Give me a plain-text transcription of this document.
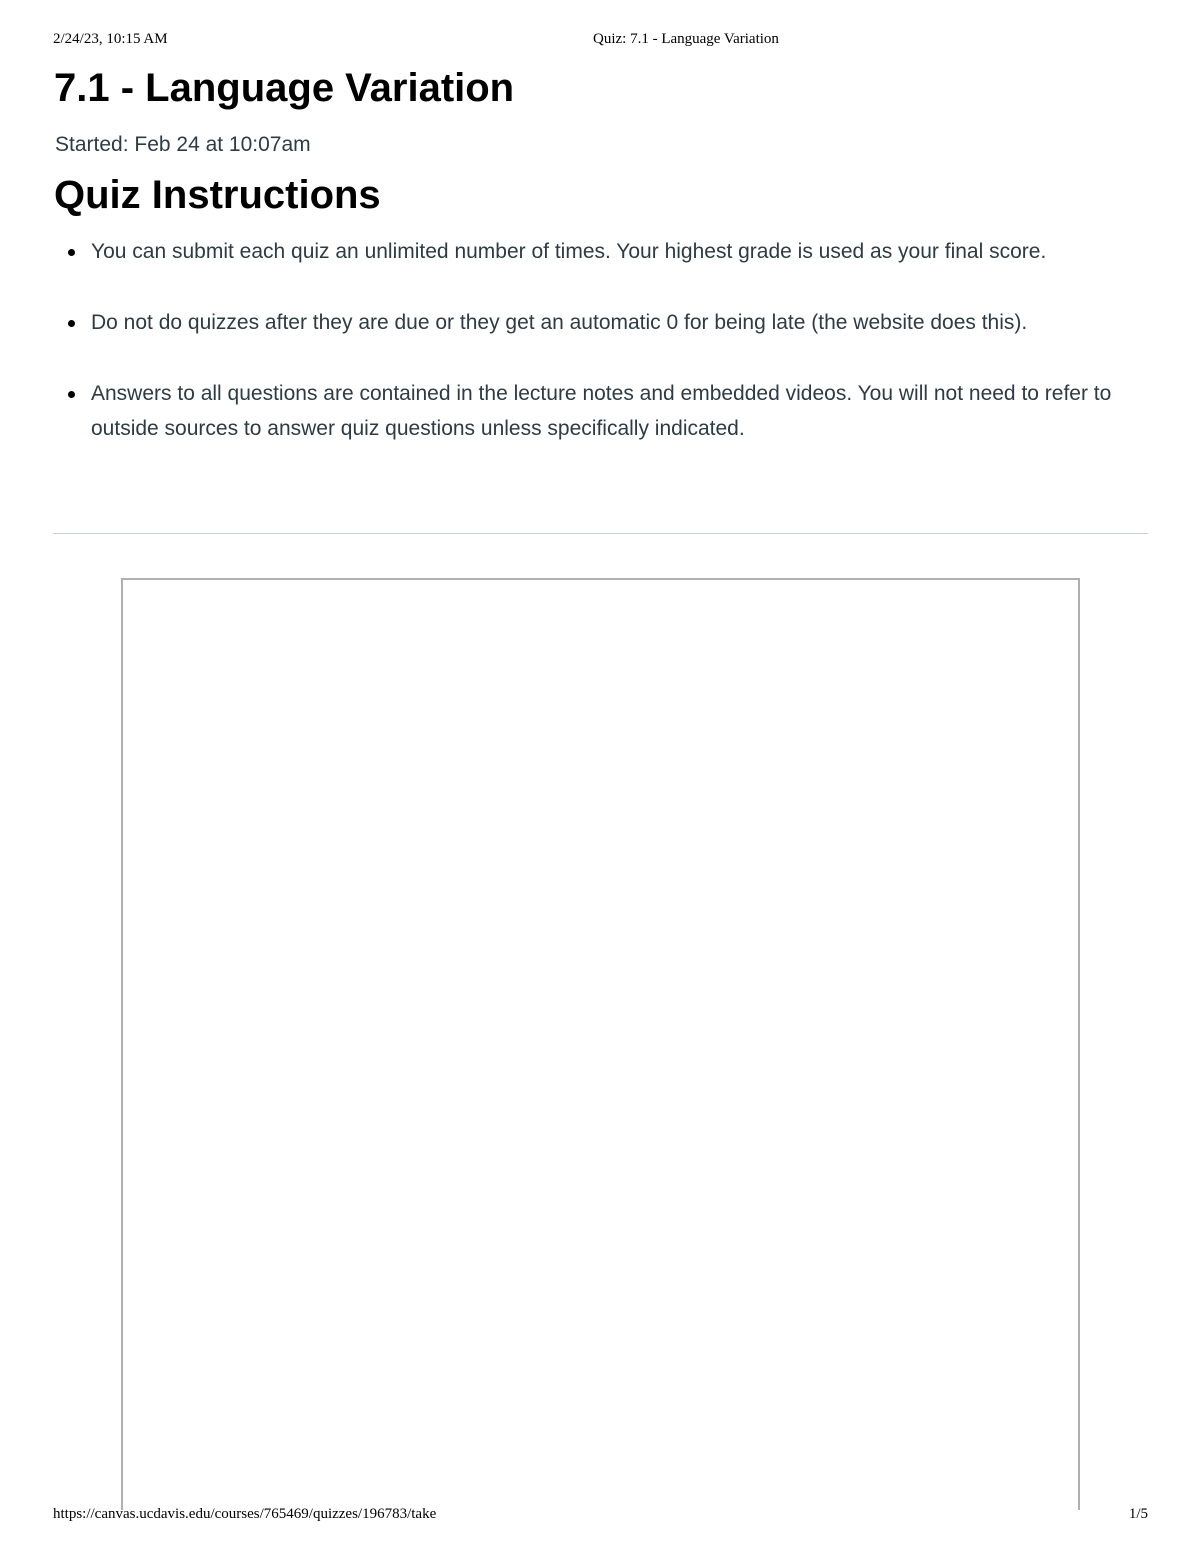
2/24/23, 10:15 AM	Quiz: 7.1 - Language Variation
7.1 - Language Variation
Started: Feb 24 at 10:07am
Quiz Instructions
You can submit each quiz an unlimited number of times. Your highest grade is used as your final score.
Do not do quizzes after they are due or they get an automatic 0 for being late (the website does this).
Answers to all questions are contained in the lecture notes and embedded videos. You will not need to refer to outside sources to answer quiz questions unless specifically indicated.
https://canvas.ucdavis.edu/courses/765469/quizzes/196783/take	1/5
